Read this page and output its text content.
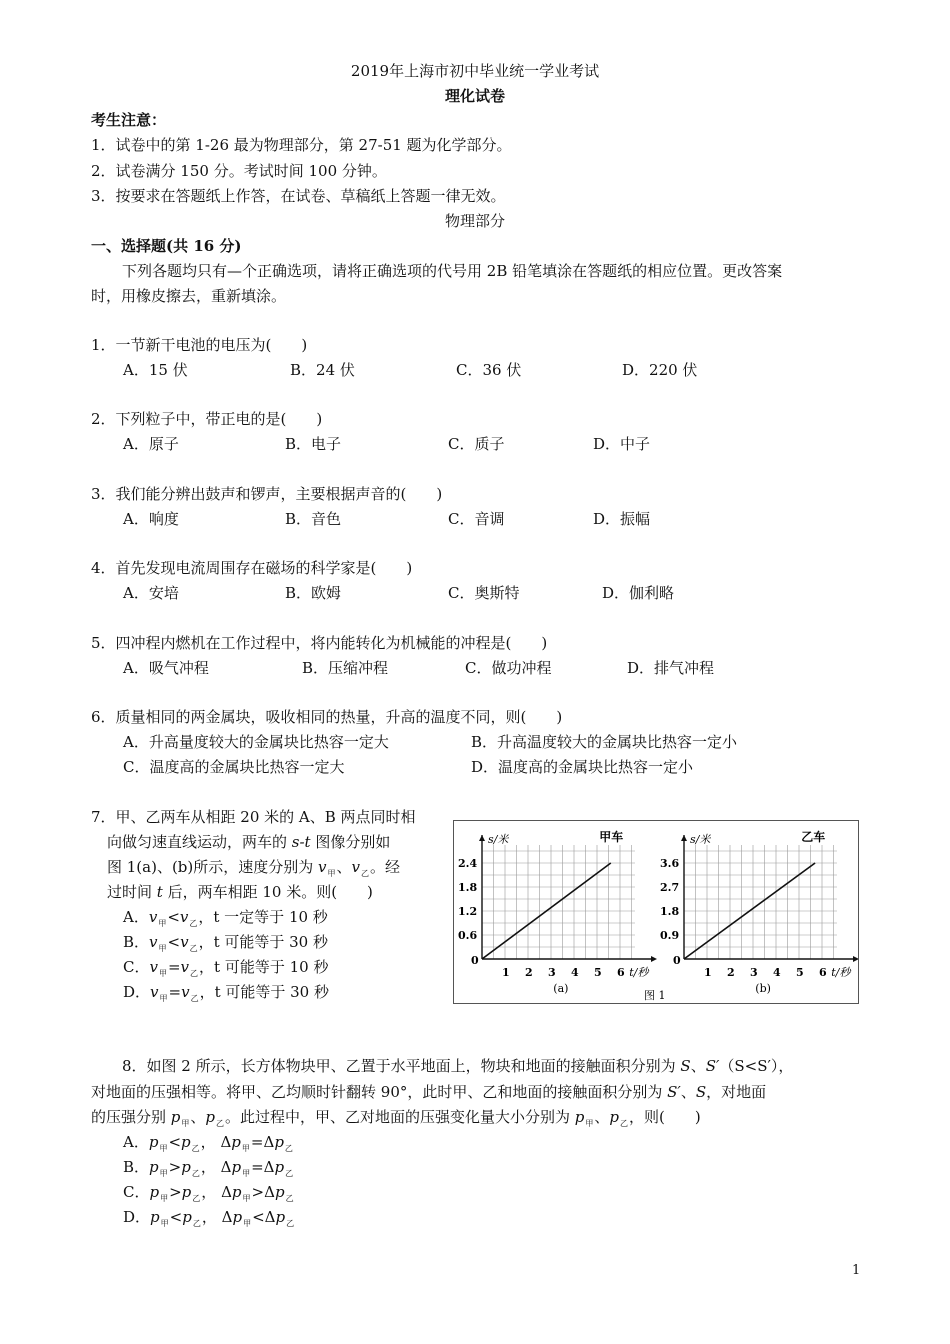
2019年上海市初中毕业统一学业考试
理化试卷
考生注意：
1．试卷中的第 1-26 最为物理部分，第 27-51 题为化学部分。
2．试卷满分 150 分。考试时间 100 分钟。
3．按要求在答题纸上作答，在试卷、草稿纸上答题一律无效。
物理部分
一、选择题(共 16 分)
下列各题均只有—个正确选项，请将正确选项的代号用 2B 铅笔填涂在答题纸的相应位置。更改答案
时，用橡皮擦去，重新填涂。
1．一节新干电池的电压为(　　)
A．15 伏	B．24 伏	C．36 伏	D．220 伏
2．下列粒子中，带正电的是(　　)
A．原子	B．电子	C．质子	D．中子
3．我们能分辨出鼓声和锣声，主要根据声音的(　　)
A．响度	B．音色	C．音调	D．振幅
4．首先发现电流周围存在磁场的科学家是(　　)
A．安培	B．欧姆	C．奥斯特	D．伽利略
5．四冲程内燃机在工作过程中，将内能转化为机械能的冲程是(　　)
A．吸气冲程	B．压缩冲程	C．做功冲程	D．排气冲程
6．质量相同的两金属块，吸收相同的热量，升高的温度不同，则(　　)
A．升高量度较大的金属块比热容一定大	B．升高温度较大的金属块比热容一定小
C．温度高的金属块比热容一定大	D．温度高的金属块比热容一定小
7．甲、乙两车从相距 20 米的 A、B 两点同时相
向做匀速直线运动，两车的 s-t 图像分别如
图 1(a)、(b)所示，速度分别为 $v_甲$、$v_乙$。经
过时间 t 后，两车相距 10 米。则(　　)
A．$v_甲<v_乙$，t 一定等于 10 秒
B．$v_甲<v_乙$，t 可能等于 30 秒
C．$v_甲=v_乙$，t 可能等于 10 秒
D．$v_甲=v_乙$，t 可能等于 30 秒
0
1 2 3 4 5 6 t/秒
0.6
1.2
1.8
2.4
s/米	甲车
(a)
0
1 2 3 4 5 6 t/秒
0.9
1.8
2.7
3.6
s/米	乙车
(b)
图 1
8．如图 2 所示，长方体物块甲、乙置于水平地面上，物块和地面的接触面积分别为 S、S′（S<S′），
对地面的压强相等。将甲、乙均顺时针翻转 90°，此时甲、乙和地面的接触面积分别为 S′、S，对地面
的压强分别 $p_甲$、$p_乙$。此过程中，甲、乙对地面的压强变化量大小分别为 $p_甲$、$p_乙$，则(　　)
A．$p_甲<p_乙$， $\Delta p_甲=\Delta p_乙$
B．$p_甲>p_乙$， $\Delta p_甲=\Delta p_乙$
C．$p_甲>p_乙$， $\Delta p_甲>\Delta p_乙$
D．$p_甲<p_乙$， $\Delta p_甲<\Delta p_乙$
1
